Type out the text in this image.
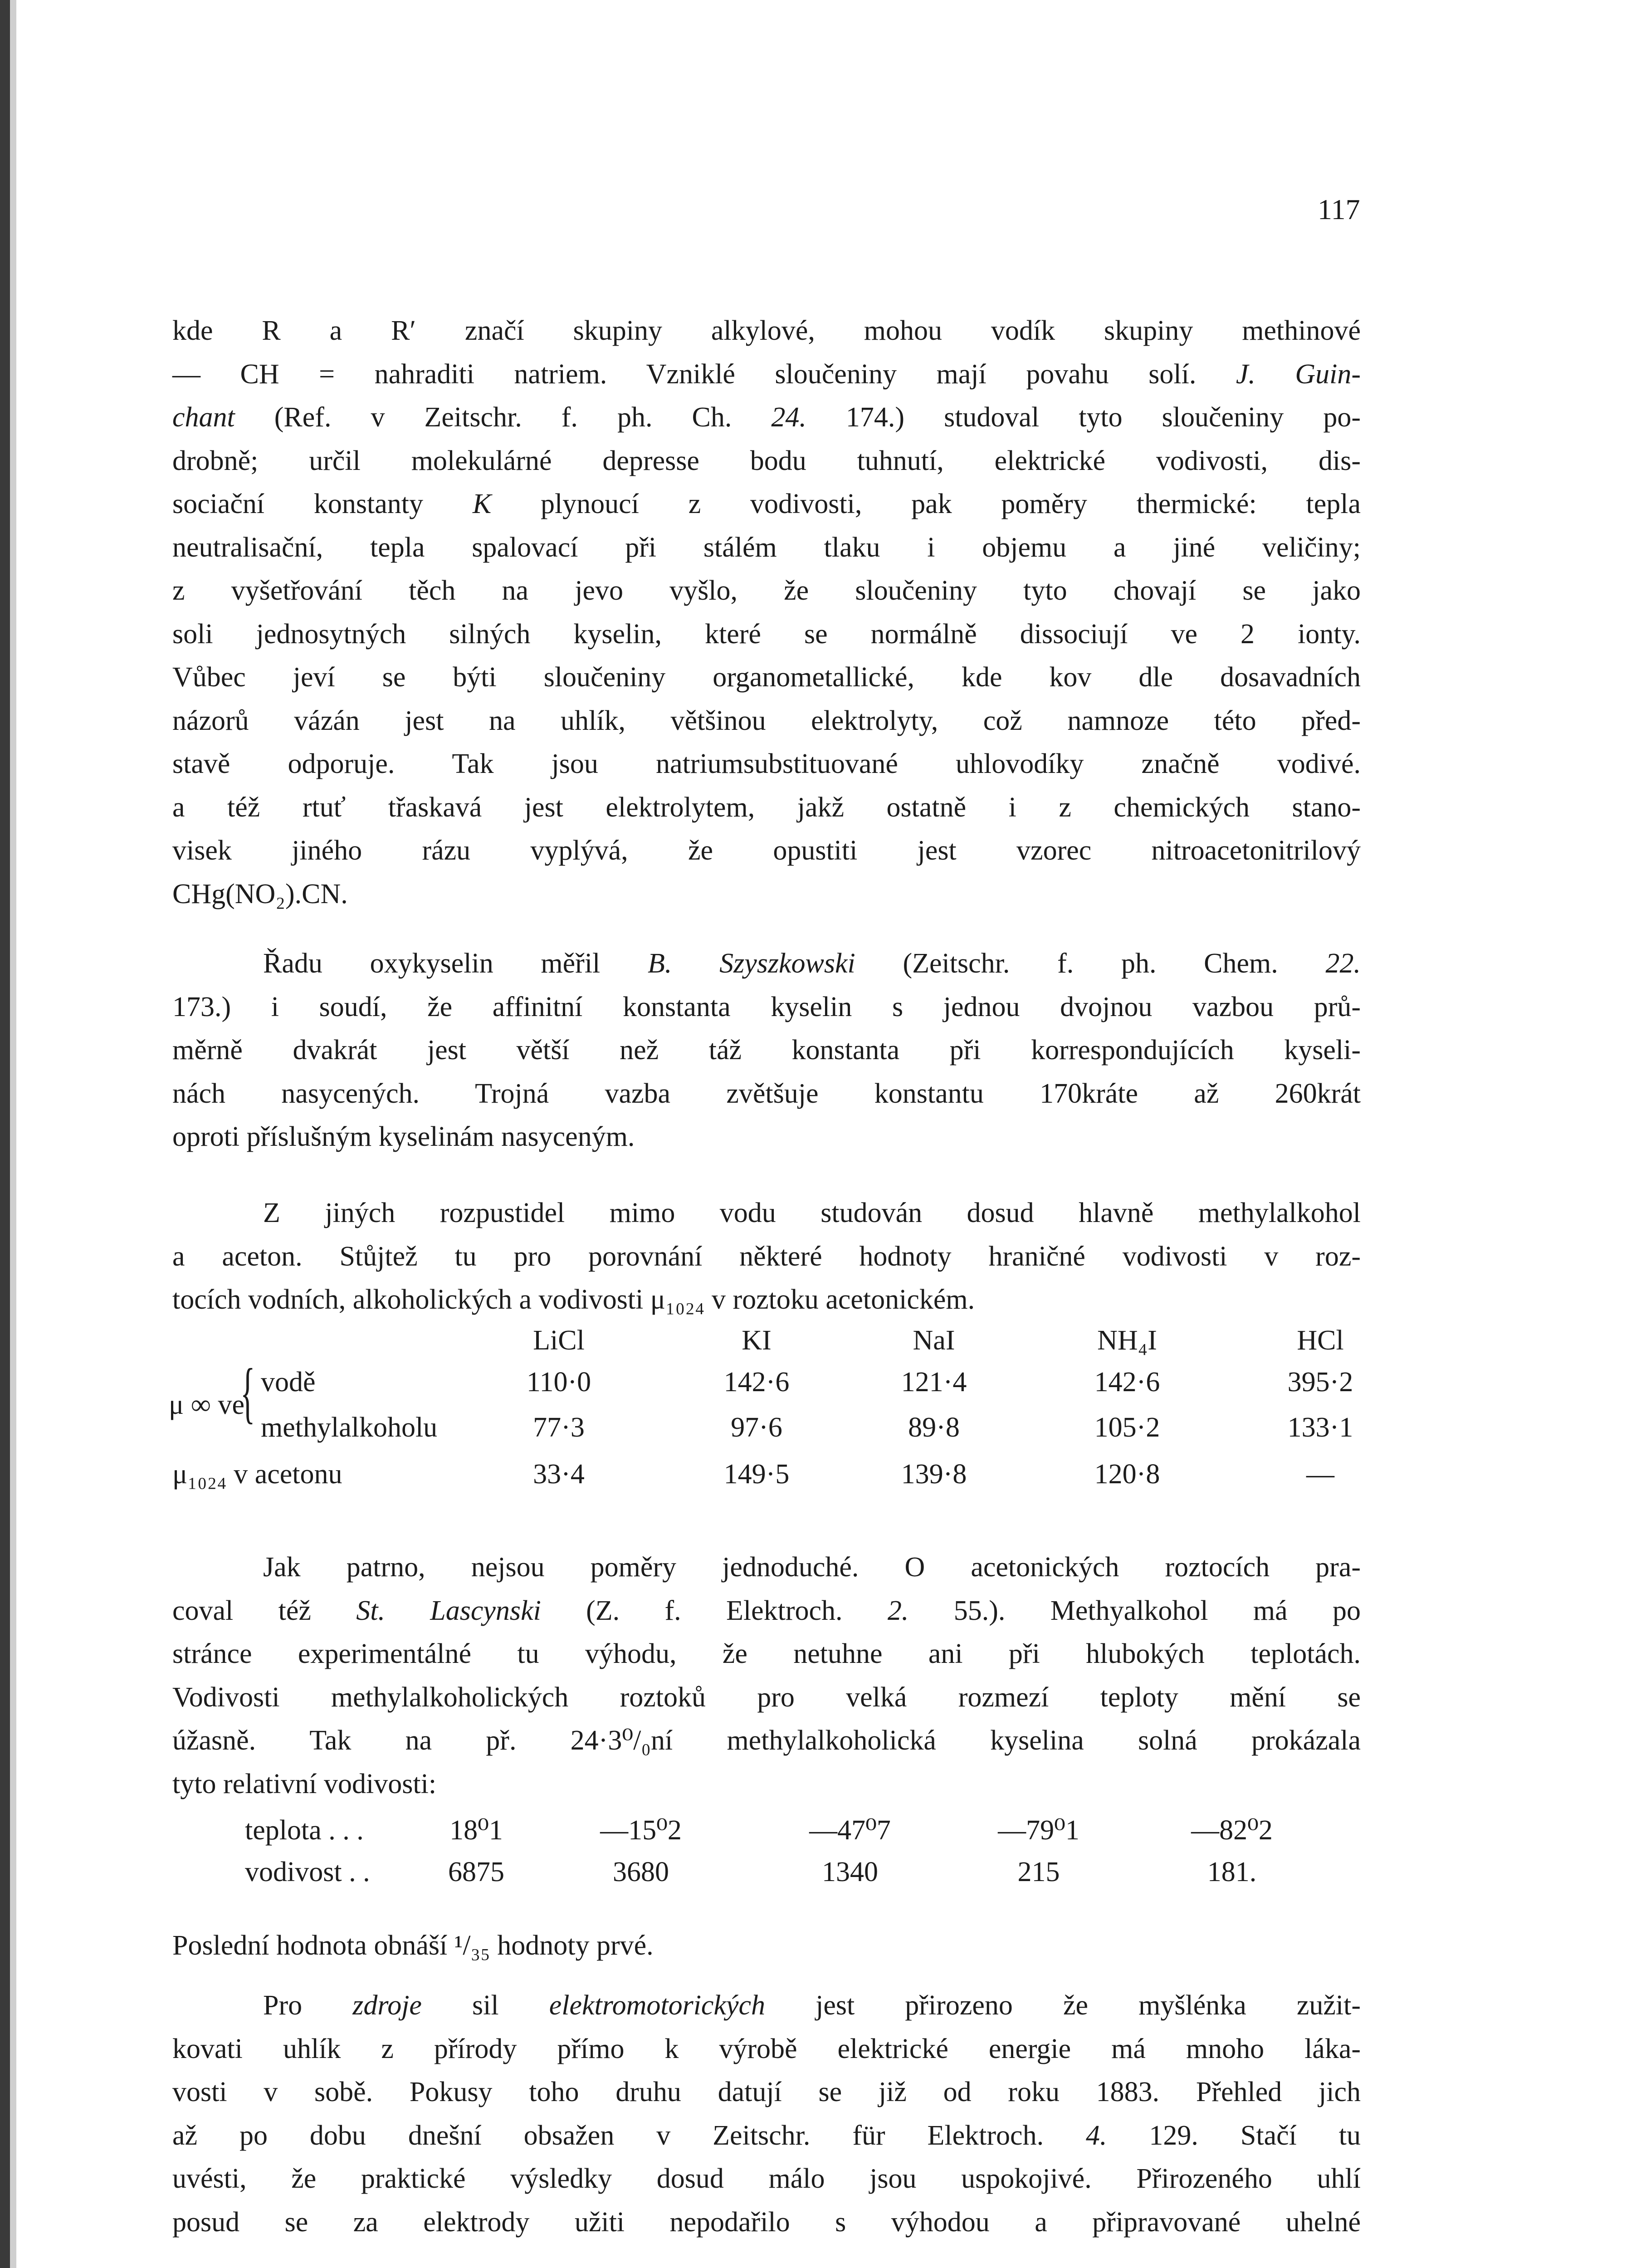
117
kde R a R′ značí skupiny alkylové, mohou vodík skupiny methinové
— CH = nahraditi natriem. Vzniklé sloučeniny mají povahu solí. J. Guin-
chant (Ref. v Zeitschr. f. ph. Ch. 24. 174.) studoval tyto sloučeniny po-
drobně; určil molekulárné depresse bodu tuhnutí, elektrické vodivosti, dis-
sociační konstanty K plynoucí z vodivosti, pak poměry thermické: tepla
neutralisační, tepla spalovací při stálém tlaku i objemu a jiné veličiny;
z vyšetřování těch na jevo vyšlo, že sloučeniny tyto chovají se jako
soli jednosytných silných kyselin, které se normálně dissociují ve 2 ionty.
Vůbec jeví se býti sloučeniny organometallické, kde kov dle dosavadních
názorů vázán jest na uhlík, většinou elektrolyty, což namnoze této před-
stavě odporuje. Tak jsou natriumsubstituované uhlovodíky značně vodivé.
a též rtuť třaskavá jest elektrolytem, jakž ostatně i z chemických stano-
visek jiného rázu vyplývá, že opustiti jest vzorec nitroacetonitrilový
CHg(NO₂).CN.
Řadu oxykyselin měřil B. Szyszkowski (Zeitschr. f. ph. Chem. 22.
173.) i soudí, že affinitní konstanta kyselin s jednou dvojnou vazbou prů-
měrně dvakrát jest větší než táž konstanta při korrespondujících kyseli-
nách nasycených. Trojná vazba zvětšuje konstantu 170kráte až 260krát
oproti příslušným kyselinám nasyceným.
Z jiných rozpustidel mimo vodu studován dosud hlavně methylalkohol
a aceton. Stůjtež tu pro porovnání některé hodnoty hraničné vodivosti v roz-
tocích vodních, alkoholických a vodivosti μ₁₀₂₄ v roztoku acetonickém.
Jak patrno, nejsou poměry jednoduché. O acetonických roztocích pra-
coval též St. Lascynski (Z. f. Elektroch. 2. 55.). Methyalkohol má po
stránce experimentálné tu výhodu, že netuhne ani při hlubokých teplotách.
Vodivosti methylalkoholických roztoků pro velká rozmezí teploty mění se
úžasně. Tak na př. 24·3⁰/₀ní methylalkoholická kyselina solná prokázala
tyto relativní vodivosti:
Poslední hodnota obnáší ¹/₃₅ hodnoty prvé.
Pro zdroje sil elektromotorických jest přirozeno že myšlénka zužit-
kovati uhlík z přírody přímo k výrobě elektrické energie má mnoho láka-
vosti v sobě. Pokusy toho druhu datují se již od roku 1883. Přehled jich
až po dobu dnešní obsažen v Zeitschr. für Elektroch. 4. 129. Stačí tu
uvésti, že praktické výsledky dosud málo jsou uspokojivé. Přirozeného uhlí
posud se za elektrody užiti nepodařilo s výhodou a připravované uhelné
LiCl	KI	NaI	NH₄I	HCl
μ ∞ ve
{ vodě	110·0	142·6	121·4	142·6	395·2
methylalkoholu	77·3	97·6	89·8	105·2	133·1
μ₁₀₂₄ v acetonu	33·4	149·5	139·8	120·8	—
teplota . . .	18⁰1	—15⁰2	—47⁰7	—79⁰1	—82⁰2
vodivost . .	6875	3680	1340	215	181.
